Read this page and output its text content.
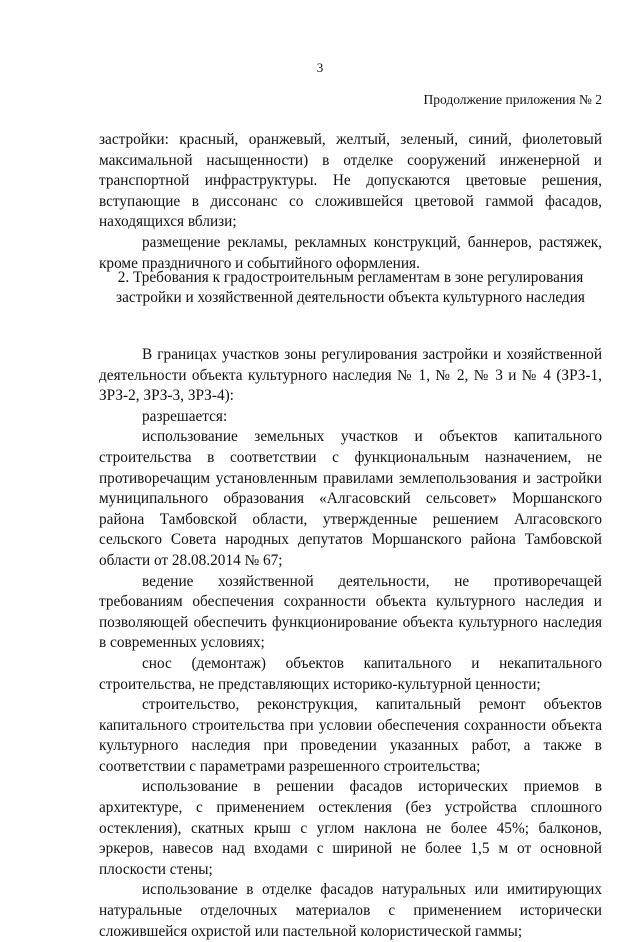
3
Продолжение приложения № 2

застройки: красный, оранжевый, желтый, зеленый, синий, фиолетовый максимальной насыщенности) в отделке сооружений инженерной и транспортной инфраструктуры. Не допускаются цветовые решения, вступающие в диссонанс со сложившейся цветовой гаммой фасадов, находящихся вблизи;

размещение рекламы, рекламных конструкций, баннеров, растяжек, кроме праздничного и событийного оформления.

2. Требования к градостроительным регламентам в зоне регулирования застройки и хозяйственной деятельности объекта культурного наследия

В границах участков зоны регулирования застройки и хозяйственной деятельности объекта культурного наследия № 1, № 2, № 3 и № 4 (ЗРЗ-1, ЗРЗ-2, ЗРЗ-3, ЗРЗ-4):

разрешается:

использование земельных участков и объектов капитального строительства в соответствии с функциональным назначением, не противоречащим установленным правилами землепользования и застройки муниципального образования «Алгасовский сельсовет» Моршанского района Тамбовской области, утвержденные решением Алгасовского сельского Совета народных депутатов Моршанского района Тамбовской области от 28.08.2014 № 67;

ведение хозяйственной деятельности, не противоречащей требованиям обеспечения сохранности объекта культурного наследия и позволяющей обеспечить функционирование объекта культурного наследия в современных условиях;

снос (демонтаж) объектов капитального и некапитального строительства, не представляющих историко-культурной ценности;

строительство, реконструкция, капитальный ремонт объектов капитального строительства при условии обеспечения сохранности объекта культурного наследия при проведении указанных работ, а также в соответствии с параметрами разрешенного строительства;

использование в решении фасадов исторических приемов в архитектуре, с применением остекления (без устройства сплошного остекления), скатных крыш с углом наклона не более 45%; балконов, эркеров, навесов над входами с шириной не более 1,5 м от основной плоскости стены;

использование в отделке фасадов натуральных или имитирующих натуральные отделочных материалов с применением исторически сложившейся охристой или пастельной колористической гаммы;
